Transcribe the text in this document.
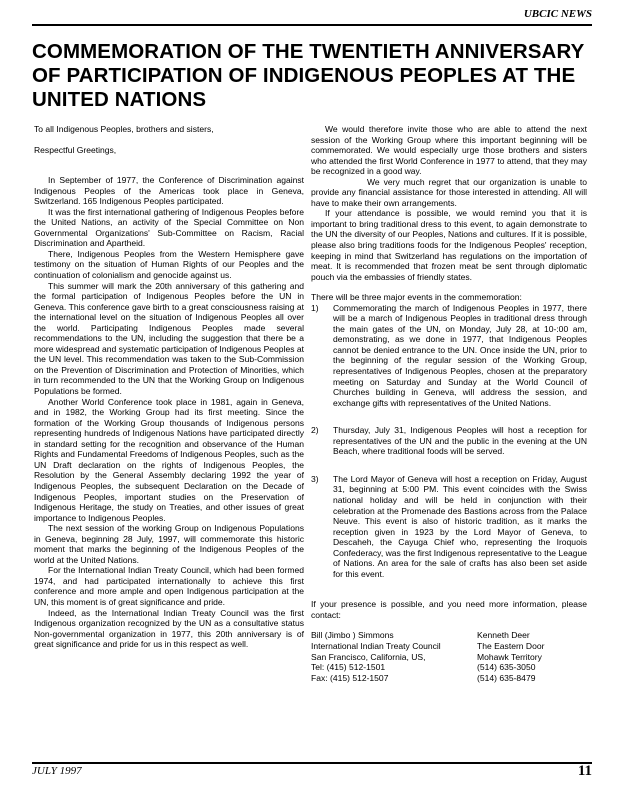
UBCIC NEWS
COMMEMORATION OF THE TWENTIETH ANNIVERSARY OF PARTICIPATION OF INDIGENOUS PEOPLES AT THE UNITED NATIONS

To all Indigenous Peoples, brothers and sisters,

Respectful Greetings,

In September of 1977, the Conference of Discrimination against Indigenous Peoples of the Americas took place in Geneva, Switzerland. 165 Indigenous Peoples participated.

It was the first international gathering of Indigenous Peoples before the United Nations, an activity of the Special Committee on Non Governmental Organizations' Sub-Committee on Racism, Racial Discrimination and Apartheid.

There, Indigenous Peoples from the Western Hemisphere gave testimony on the situation of Human Rights of our Peoples and the continuation of colonialism and genocide against us.

This summer will mark the 20th anniversary of this gathering and the formal participation of Indigenous Peoples before the UN in Geneva. This conference gave birth to a great consciousness raising at the international level on the situation of Indigenous Peoples all over the world. Participating Indigenous Peoples made several recommendations to the UN, including the suggestion that there be a more widespread and systematic participation of Indigenous Peoples at the UN level. This recommendation was taken to the Sub-Commission on the Prevention of Discrimination and Protection of Minorities, which in turn recommended to the UN that the Working Group on Indigenous Populations be formed.

Another World Conference took place in 1981, again in Geneva, and in 1982, the Working Group had its first meeting. Since the formation of the Working Group thousands of Indigenous persons representing hundreds of Indigenous Nations have participated directly in standard setting for the recognition and observance of the Human Rights and Fundamental Freedoms of Indigenous Peoples, such as the UN Draft declaration on the rights of Indigenous Peoples, the Resolution by the General Assembly declaring 1992 the year of Indigenous Peoples, the subsequent Declaration on the Decade of Indigenous Peoples, important studies on the Preservation of Indigenous Heritage, the study on Treaties, and other issues of great importance to Indigenous Peoples.

The next session of the working Group on Indigenous Populations in Geneva, beginning 28 July, 1997, will commemorate this historic moment that marks the beginning of the Indigenous Peoples of the world at the United Nations.

For the International Indian Treaty Council, which had been formed 1974, and had participated internationally to achieve this first conference and more ample and open Indigenous participation at the UN, this moment is of great significance and pride.

Indeed, as the International Indian Treaty Council was the first Indigenous organization recognized by the UN as a consultative status Non-governmental organization in 1977, this 20th anniversary is of great significance and pride for us in this respect as well.

We would therefore invite those who are able to attend the next session of the Working Group where this important beginning will be commemorated. We would especially urge those brothers and sisters who attended the first World Conference in 1977 to attend, that they may be recognized in a good way.

We very much regret that our organization is unable to provide any financial assistance for those interested in attending. All will have to make their own arrangements.

If your attendance is possible, we would remind you that it is important to bring traditional dress to this event, to again demonstrate to the UN the diversity of our Peoples, Nations and cultures. If it is possible, please also bring traditions foods for the Indigenous Peoples' reception, keeping in mind that Switzerland has regulations on the importation of meat. It is recommended that frozen meat be sent through diplomatic pouch via the embassies of friendly states.

There will be three major events in the commemoration:

1) Commemorating the march of Indigenous Peoples in 1977, there will be a march of Indigenous Peoples in traditional dress through the main gates of the UN, on Monday, July 28, at 10-:00 am, demonstrating, as we done in 1977, that Indigenous Peoples cannot be denied entrance to the UN. Once inside the UN, prior to the beginning of the regular session of the Working Group, representatives of Indigenous Peoples, chosen at the preparatory meeting on Saturday and Sunday at the World Council of Churches building in Geneva, will address the session, and exchange gifts with representatives of the United Nations.
2) Thursday, July 31, Indigenous Peoples will host a reception for representatives of the UN and the public in the evening at the UN Beach, where traditional foods will be served.
3) The Lord Mayor of Geneva will host a reception on Friday, August 31, beginning at 5:00 PM. This event coincides with the Swiss national holiday and will be held in conjunction with their celebration at the Promenade des Bastions across from the Palace Neuve. This event is also of historic tradition, as it marks the reception given in 1923 by the Lord Mayor of Geneva, to Descaheh, the Cayuga Chief who, representing the Iroquois Confederacy, was the first Indigenous representative to the League of Nations. An area for the sale of crafts has also been set aside for this event.

If your presence is possible, and you need more information, please contact:

Bill (Jimbo ) Simmons
International Indian Treaty Council
San Francisco, California, US,
Tel: (415) 512-1501
Fax: (415) 512-1507
Kenneth Deer
The Eastern Door
Mohawk Territory
(514) 635-3050
(514) 635-8479
JULY 1997	11
